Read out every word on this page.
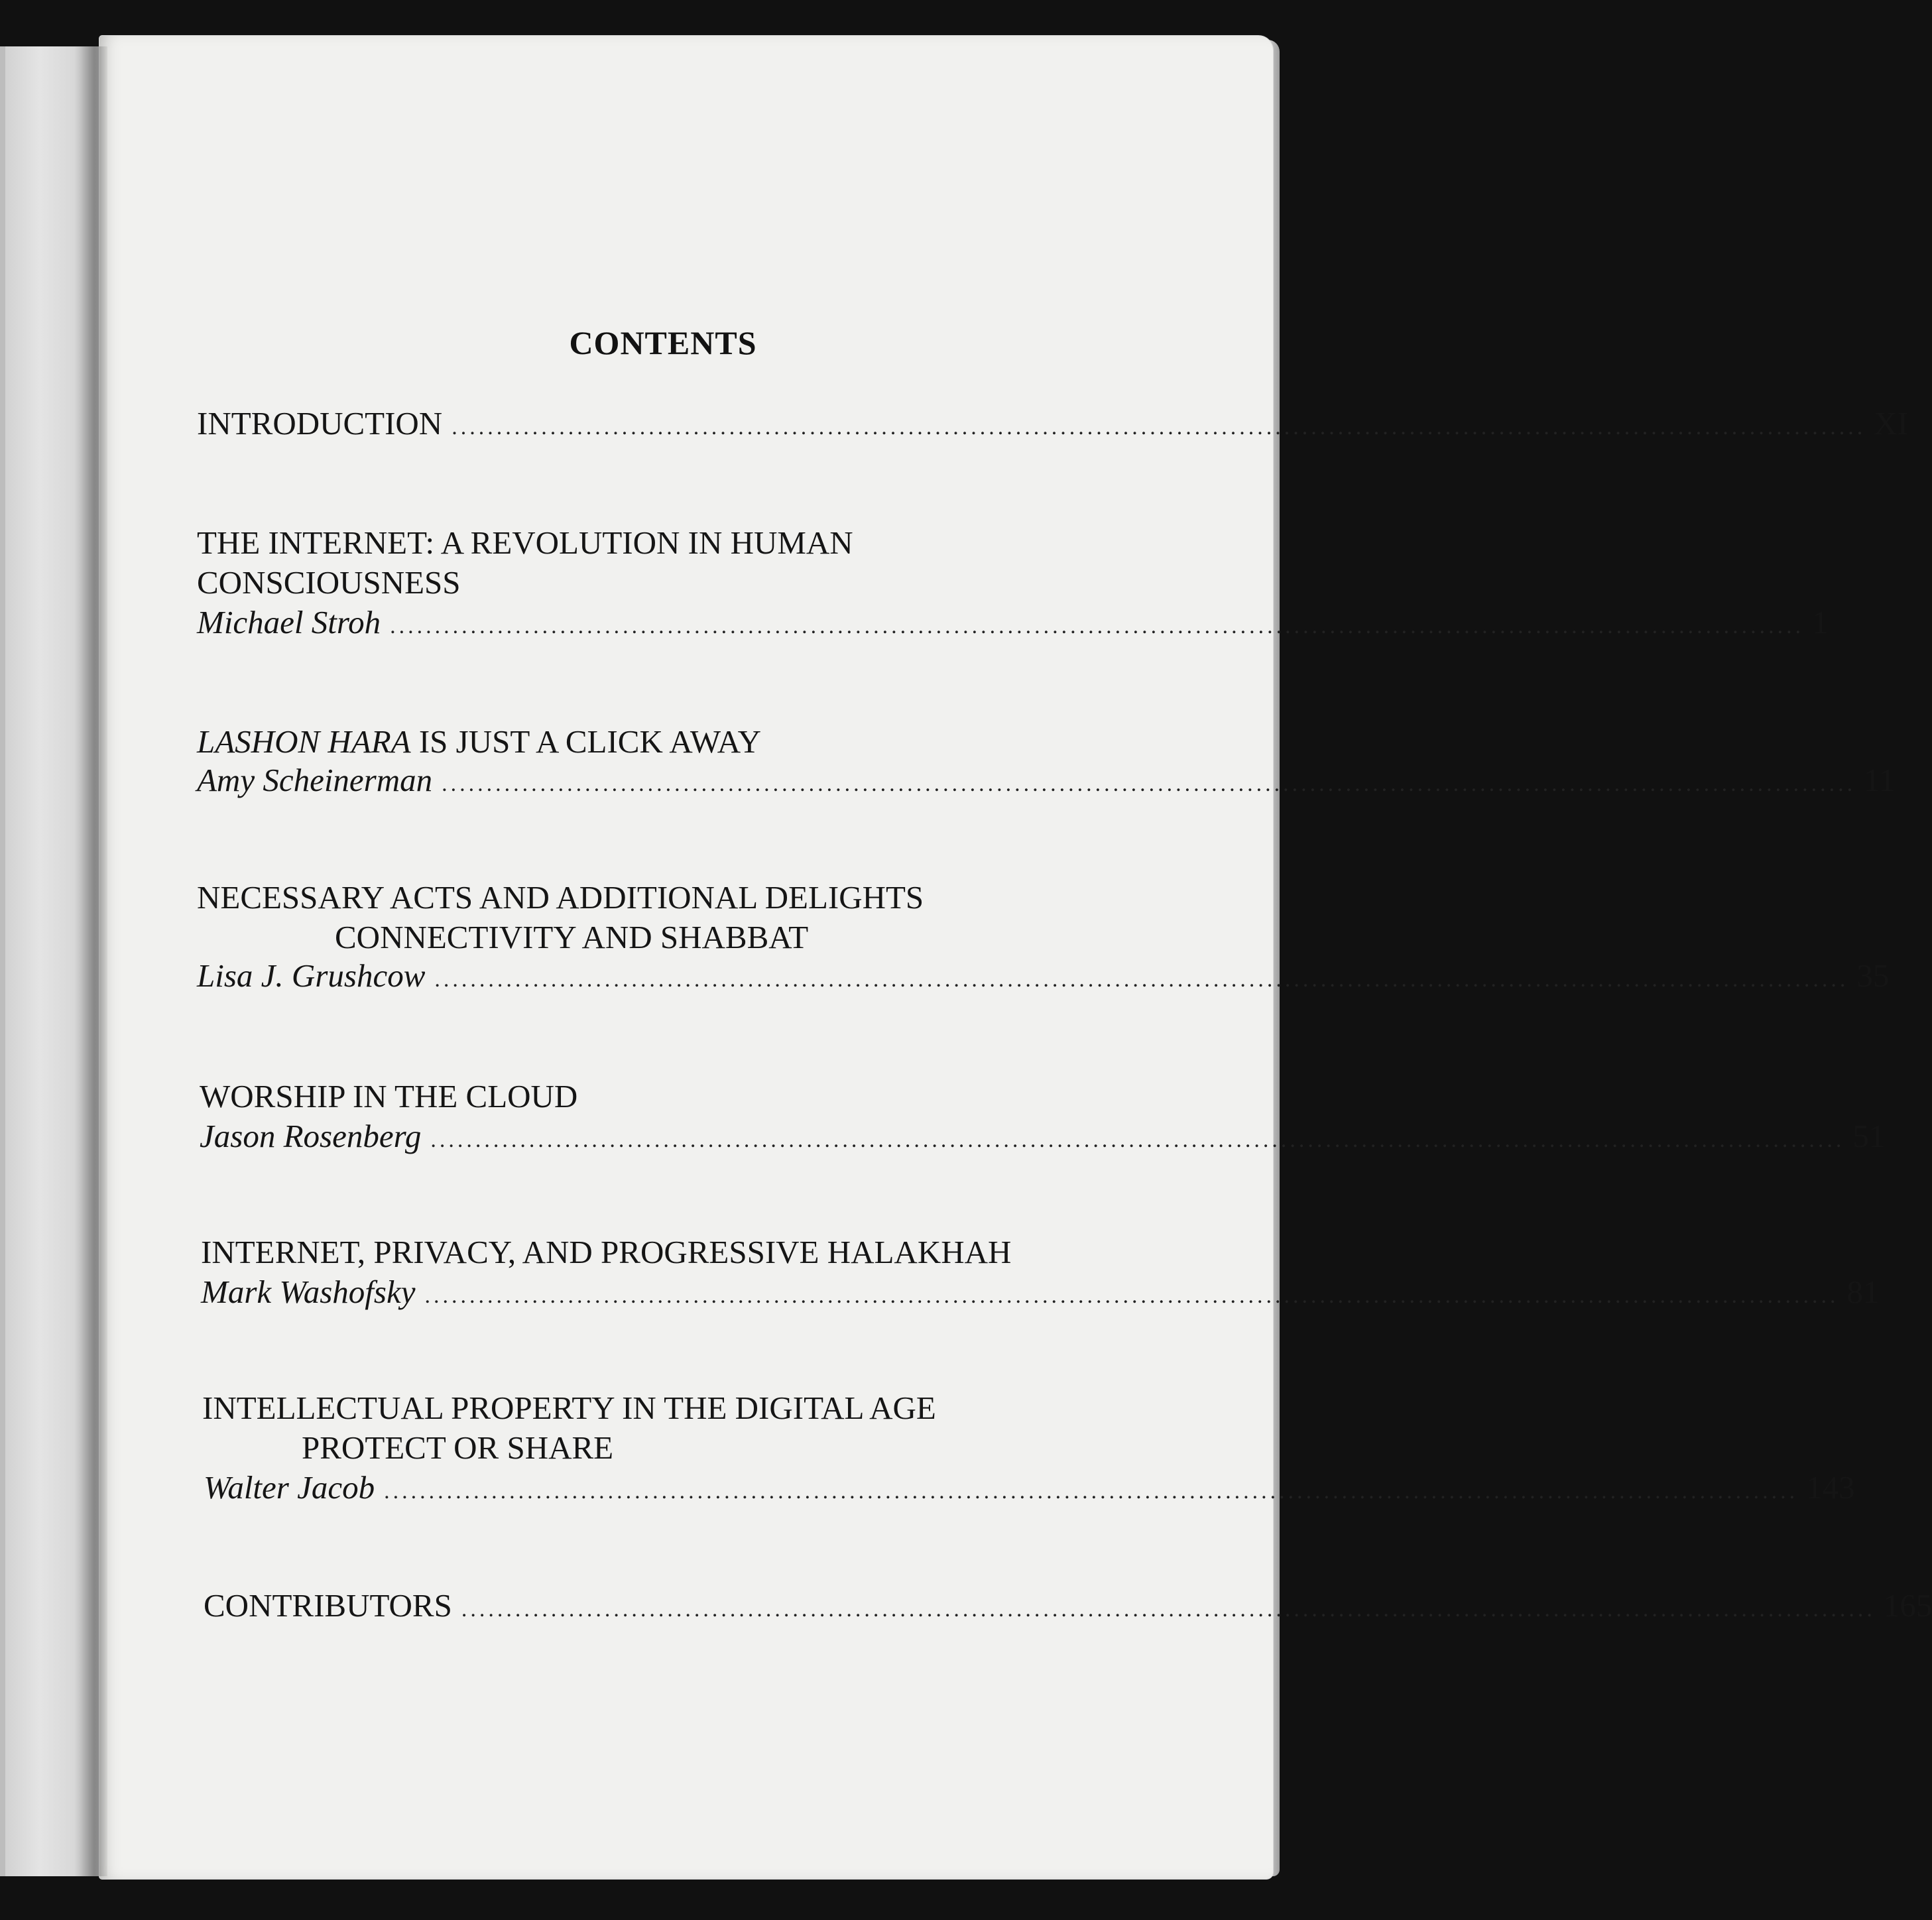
CONTENTS
INTRODUCTION .............................................................................................................................................................. XI
THE INTERNET: A REVOLUTION IN HUMAN
CONSCIOUSNESS
Michael Stroh .............................................................................................................................................................. 1
LASHON HARA IS JUST A CLICK AWAY
Amy Scheinerman .............................................................................................................................................................. 11
NECESSARY ACTS AND ADDITIONAL DELIGHTS
CONNECTIVITY AND SHABBAT
Lisa J. Grushcow .............................................................................................................................................................. 35
WORSHIP IN THE CLOUD
Jason Rosenberg .............................................................................................................................................................. 51
INTERNET, PRIVACY, AND PROGRESSIVE HALAKHAH
Mark Washofsky .............................................................................................................................................................. 81
INTELLECTUAL PROPERTY IN THE DIGITAL AGE
PROTECT OR SHARE
Walter Jacob .............................................................................................................................................................. 143
CONTRIBUTORS .............................................................................................................................................................. 165
